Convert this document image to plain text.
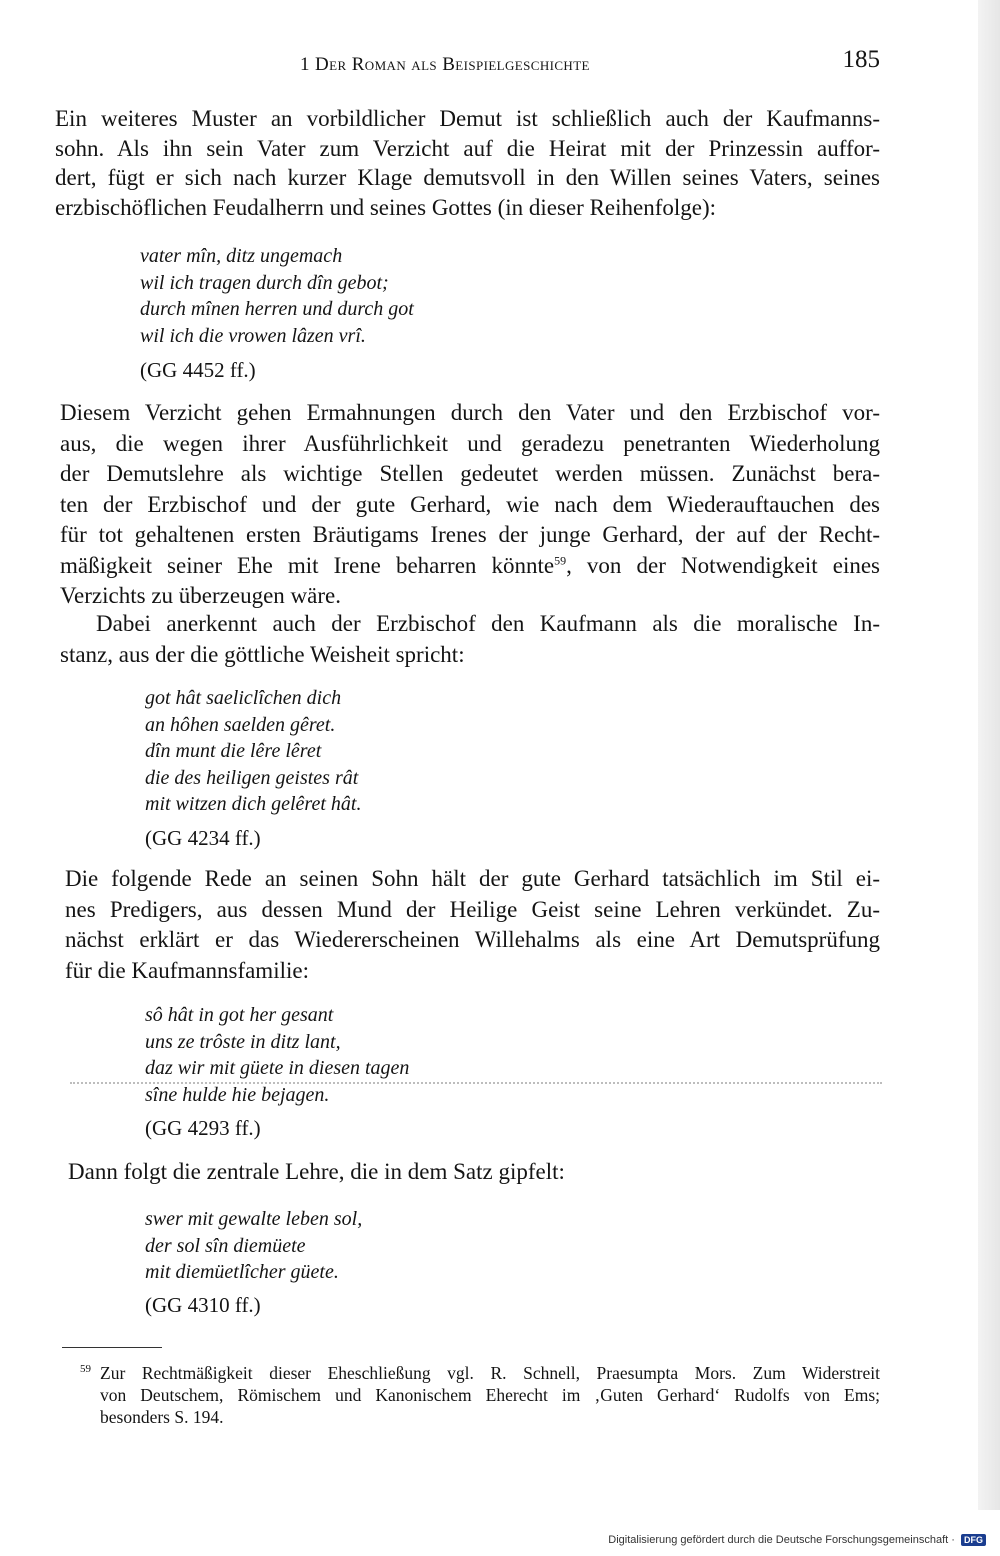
1 Der Roman als Beispielgeschichte	185

Ein weiteres Muster an vorbildlicher Demut ist schließlich auch der Kaufmanns-
sohn. Als ihn sein Vater zum Verzicht auf die Heirat mit der Prinzessin auffor-
dert, fügt er sich nach kurzer Klage demutsvoll in den Willen seines Vaters, seines
erzbischöflichen Feudalherrn und seines Gottes (in dieser Reihenfolge):

vater mîn, ditz ungemach
wil ich tragen durch dîn gebot;
durch mînen herren und durch got
wil ich die vrowen lâzen vrî.
(GG 4452 ff.)

Diesem Verzicht gehen Ermahnungen durch den Vater und den Erzbischof vor-
aus, die wegen ihrer Ausführlichkeit und geradezu penetranten Wiederholung
der Demutslehre als wichtige Stellen gedeutet werden müssen. Zunächst bera-
ten der Erzbischof und der gute Gerhard, wie nach dem Wiederauftauchen des
für tot gehaltenen ersten Bräutigams Irenes der junge Gerhard, der auf der Recht-
mäßigkeit seiner Ehe mit Irene beharren könnte$^{59}$, von der Notwendigkeit eines
Verzichts zu überzeugen wäre.

Dabei anerkennt auch der Erzbischof den Kaufmann als die moralische In-
stanz, aus der die göttliche Weisheit spricht:

got hât saeliclîchen dich
an hôhen saelden gêret.
dîn munt die lêre lêret
die des heiligen geistes rât
mit witzen dich gelêret hât.
(GG 4234 ff.)

Die folgende Rede an seinen Sohn hält der gute Gerhard tatsächlich im Stil ei-
nes Predigers, aus dessen Mund der Heilige Geist seine Lehren verkündet. Zu-
nächst erklärt er das Wiedererscheinen Willehalms als eine Art Demutsprüfung
für die Kaufmannsfamilie:

sô hât in got her gesant
uns ze trôste in ditz lant,
daz wir mit güete in diesen tagen
sîne hulde hie bejagen.
(GG 4293 ff.)

Dann folgt die zentrale Lehre, die in dem Satz gipfelt:

swer mit gewalte leben sol,
der sol sîn diemüete
mit diemüetlîcher güete.
(GG 4310 ff.)
59 Zur Rechtmäßigkeit dieser Eheschließung vgl. R. Schnell, Praesumpta Mors. Zum Widerstreit
von Deutschem, Römischem und Kanonischem Eherecht im ‚Guten Gerhard‘ Rudolfs von Ems;
besonders S. 194.
Digitalisierung gefördert durch die Deutsche Forschungsgemeinschaft · DFG
